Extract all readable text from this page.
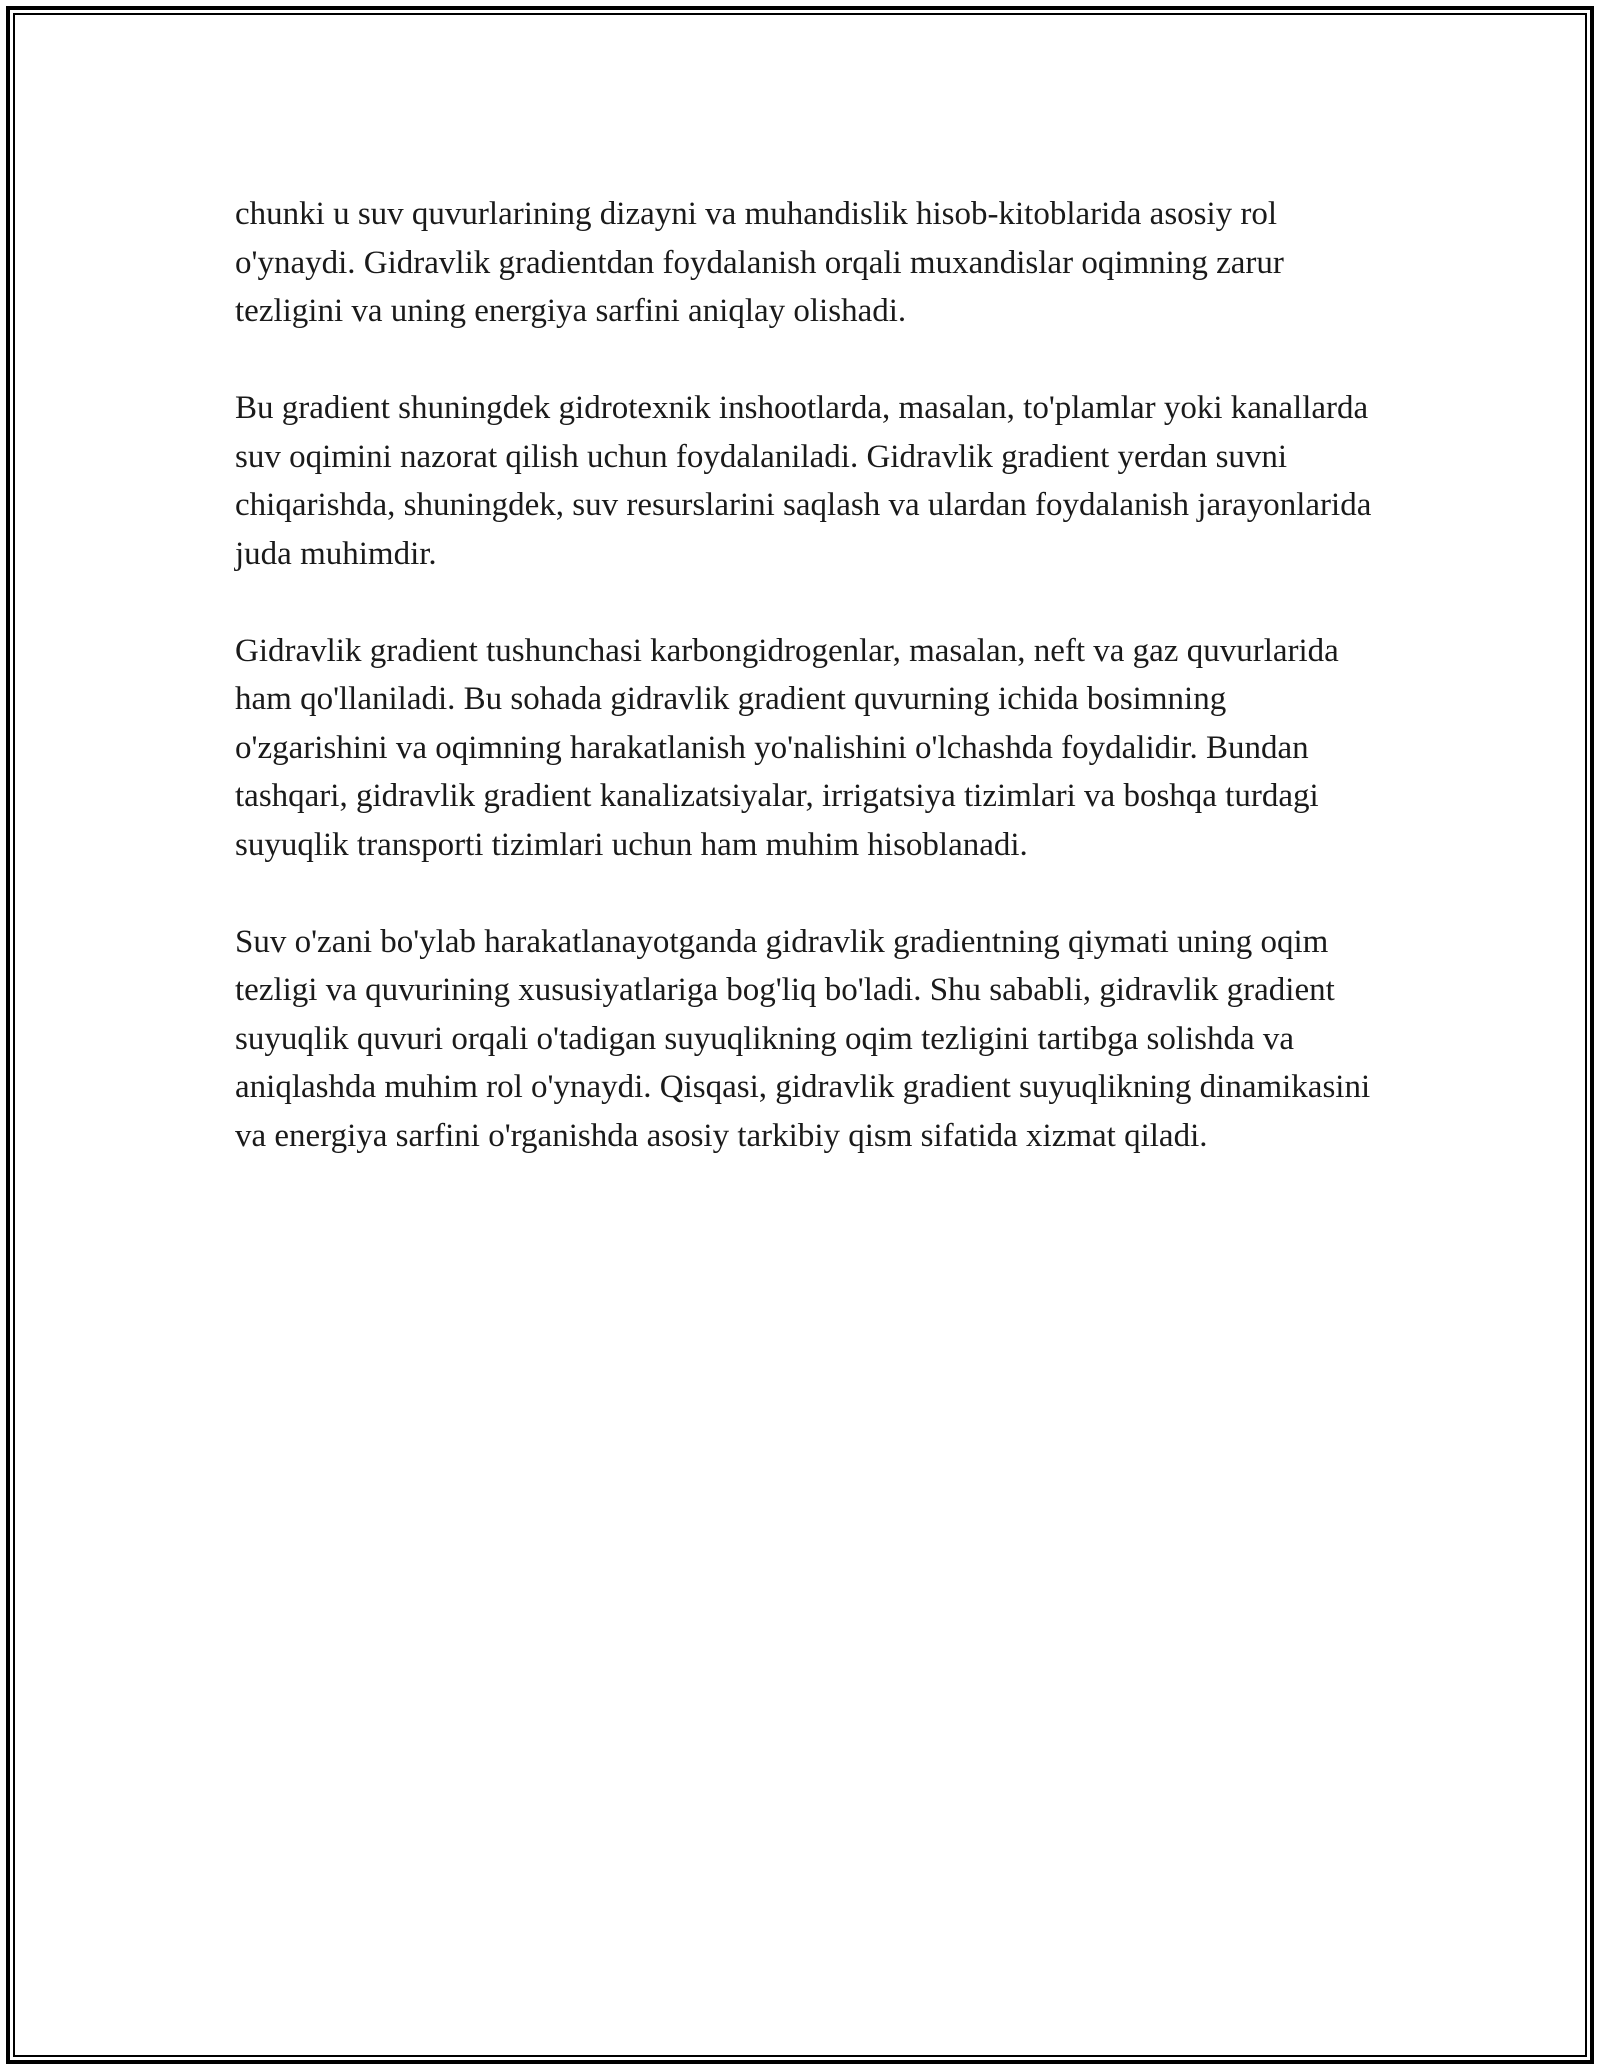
chunki u suv quvurlarining dizayni va muhandislik hisob-kitoblarida asosiy rol o'ynaydi. Gidravlik gradientdan foydalanish orqali muxandislar oqimning zarur tezligini va uning energiya sarfini aniqlay olishadi.

Bu gradient shuningdek gidrotexnik inshootlarda, masalan, to'plamlar yoki kanallarda suv oqimini nazorat qilish uchun foydalaniladi. Gidravlik gradient yerdan suvni chiqarishda, shuningdek, suv resurslarini saqlash va ulardan foydalanish jarayonlarida juda muhimdir.

Gidravlik gradient tushunchasi karbongidrogenlar, masalan, neft va gaz quvurlarida ham qo'llaniladi. Bu sohada gidravlik gradient quvurning ichida bosimning o'zgarishini va oqimning harakatlanish yo'nalishini o'lchashda foydalidir. Bundan tashqari, gidravlik gradient kanalizatsiyalar, irrigatsiya tizimlari va boshqa turdagi suyuqlik transporti tizimlari uchun ham muhim hisoblanadi.

Suv o'zani bo'ylab harakatlanayotganda gidravlik gradientning qiymati uning oqim tezligi va quvurining xususiyatlariga bog'liq bo'ladi. Shu sababli, gidravlik gradient suyuqlik quvuri orqali o'tadigan suyuqlikning oqim tezligini tartibga solishda va aniqlashda muhim rol o'ynaydi. Qisqasi, gidravlik gradient suyuqlikning dinamikasini va energiya sarfini o'rganishda asosiy tarkibiy qism sifatida xizmat qiladi.
